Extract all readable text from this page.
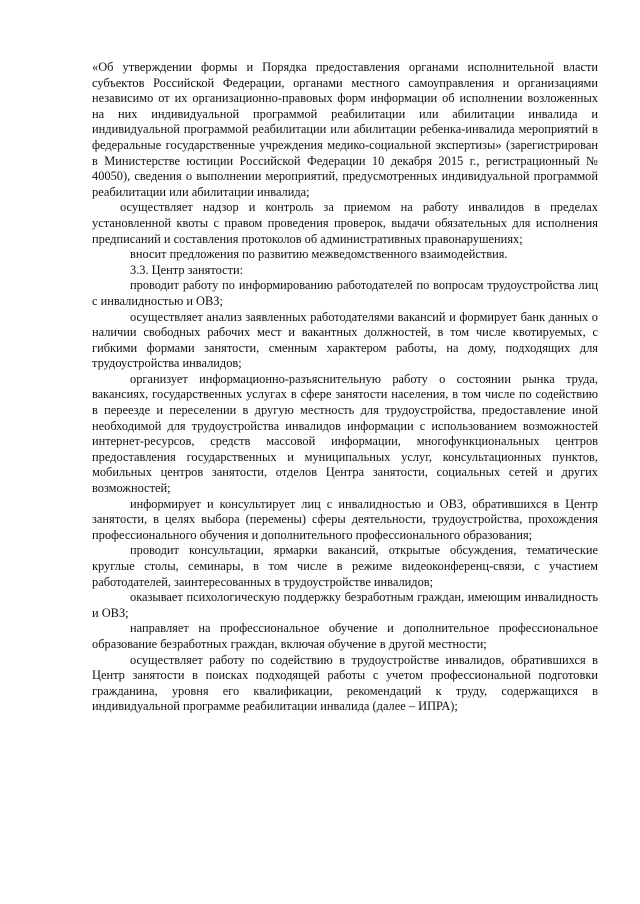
«Об утверждении формы и Порядка предоставления органами исполнительной власти субъектов Российской Федерации, органами местного самоуправления и организациями независимо от их организационно-правовых форм информации об исполнении возложенных на них индивидуальной программой реабилитации или абилитации инвалида и индивидуальной программой реабилитации или абилитации ребенка-инвалида мероприятий в федеральные государственные учреждения медико-социальной экспертизы» (зарегистрирован в Министерстве юстиции Российской Федерации 10 декабря 2015 г., регистрационный № 40050), сведения о выполнении мероприятий, предусмотренных индивидуальной программой реабилитации или абилитации инвалида;

осуществляет надзор и контроль за приемом на работу инвалидов в пределах установленной квоты с правом проведения проверок, выдачи обязательных для исполнения предписаний и составления протоколов об административных правонарушениях;

вносит предложения по развитию межведомственного взаимодействия.

3.3. Центр занятости:

проводит работу по информированию работодателей по вопросам трудоустройства лиц с инвалидностью и ОВЗ;

осуществляет анализ заявленных работодателями вакансий и формирует банк данных о наличии свободных рабочих мест и вакантных должностей, в том числе квотируемых, с гибкими формами занятости, сменным характером работы, на дому, подходящих для трудоустройства инвалидов;

организует информационно-разъяснительную работу о состоянии рынка труда, вакансиях, государственных услугах в сфере занятости населения, в том числе по содействию в переезде и переселении в другую местность для трудоустройства, предоставление иной необходимой для трудоустройства инвалидов информации с использованием возможностей интернет-ресурсов, средств массовой информации, многофункциональных центров предоставления государственных и муниципальных услуг, консультационных пунктов, мобильных центров занятости, отделов Центра занятости, социальных сетей и других возможностей;

информирует и консультирует лиц с инвалидностью и ОВЗ, обратившихся в Центр занятости, в целях выбора (перемены) сферы деятельности, трудоустройства, прохождения профессионального обучения и дополнительного профессионального образования;

проводит консультации, ярмарки вакансий, открытые обсуждения, тематические круглые столы, семинары, в том числе в режиме видеоконференц-связи, с участием работодателей, заинтересованных в трудоустройстве инвалидов;

оказывает психологическую поддержку безработным граждан, имеющим инвалидность и ОВЗ;

направляет на профессиональное обучение и дополнительное профессиональное образование безработных граждан, включая обучение в другой местности;

осуществляет работу по содействию в трудоустройстве инвалидов, обратившихся в Центр занятости в поисках подходящей работы с учетом профессиональной подготовки гражданина, уровня его квалификации, рекомендаций к труду, содержащихся в индивидуальной программе реабилитации инвалида (далее – ИПРА);
